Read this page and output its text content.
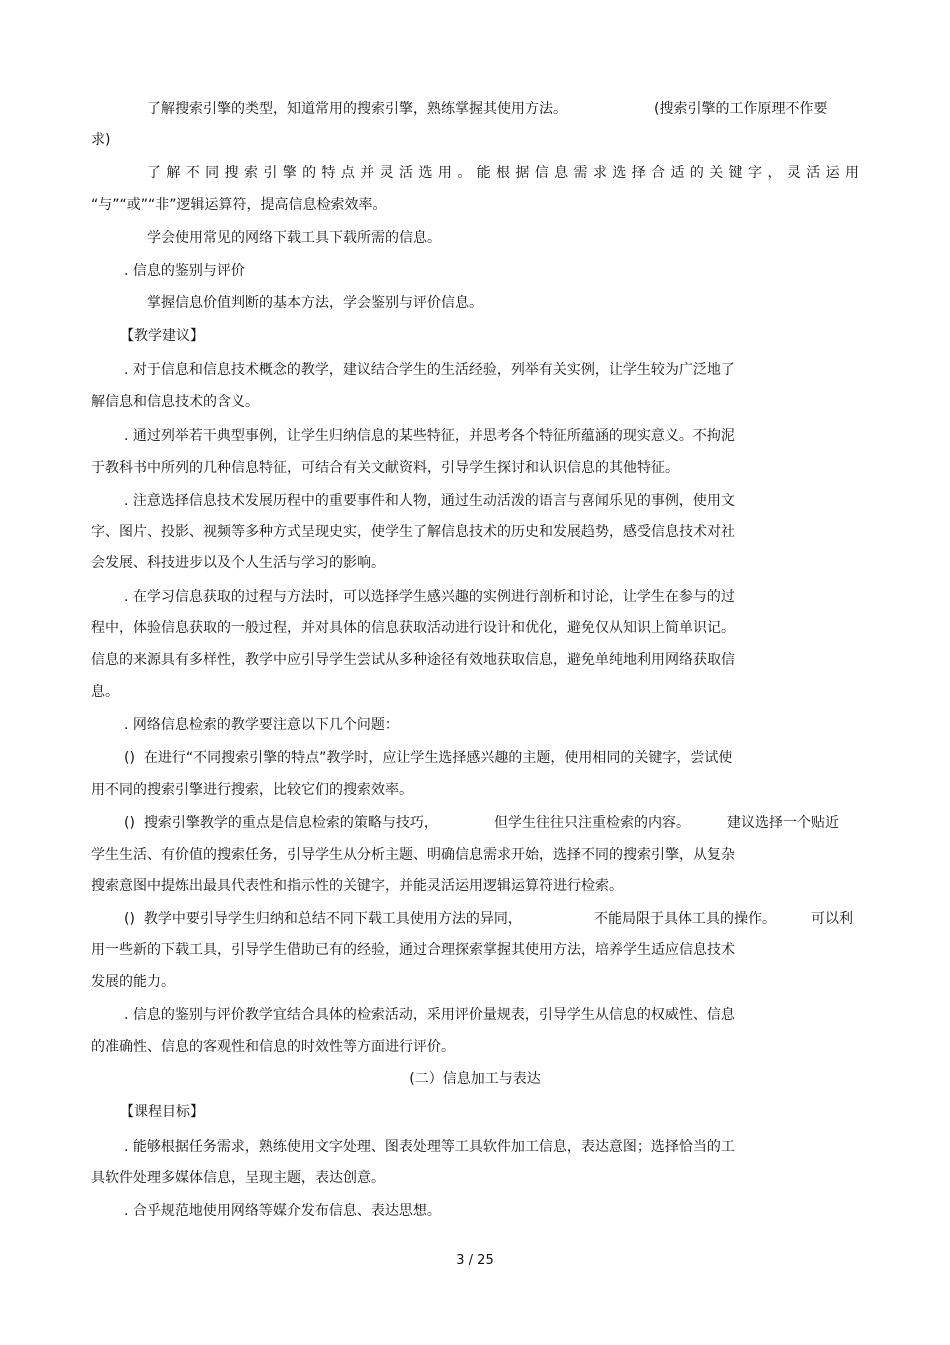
了解搜索引擎的类型，知道常用的搜索引擎，熟练掌握其使用方法。	(搜索引擎的工作原理不作要
求)
了解不同搜索引擎的特点并灵活选用。能根据信息需求选择合适的关键字，灵活运用
“与”“或”“非”逻辑运算符，提高信息检索效率。
学会使用常见的网络下载工具下载所需的信息。
. 信息的鉴别与评价
掌握信息价值判断的基本方法，学会鉴别与评价信息。
【教学建议】
. 对于信息和信息技术概念的教学，建议结合学生的生活经验，列举有关实例，让学生较为广泛地了
解信息和信息技术的含义。
. 通过列举若干典型事例，让学生归纳信息的某些特征，并思考各个特征所蕴涵的现实意义。不拘泥
于教科书中所列的几种信息特征，可结合有关文献资料，引导学生探讨和认识信息的其他特征。
. 注意选择信息技术发展历程中的重要事件和人物，通过生动活泼的语言与喜闻乐见的事例，使用文
字、图片、投影、视频等多种方式呈现史实，使学生了解信息技术的历史和发展趋势，感受信息技术对社
会发展、科技进步以及个人生活与学习的影响。
. 在学习信息获取的过程与方法时，可以选择学生感兴趣的实例进行剖析和讨论，让学生在参与的过
程中，体验信息获取的一般过程，并对具体的信息获取活动进行设计和优化，避免仅从知识上简单识记。
信息的来源具有多样性，教学中应引导学生尝试从多种途径有效地获取信息，避免单纯地利用网络获取信
息。
. 网络信息检索的教学要注意以下几个问题：
()  在进行“不同搜索引擎的特点”教学时，应让学生选择感兴趣的主题，使用相同的关键字，尝试使
用不同的搜索引擎进行搜索，比较它们的搜索效率。
()  搜索引擎教学的重点是信息检索的策略与技巧，	但学生往往只注重检索的内容。	建议选择一个贴近
学生生活、有价值的搜索任务，引导学生从分析主题、明确信息需求开始，选择不同的搜索引擎，从复杂
搜索意图中提炼出最具代表性和指示性的关键字，并能灵活运用逻辑运算符进行检索。
()  教学中要引导学生归纳和总结不同下载工具使用方法的异同，	不能局限于具体工具的操作。	可以利
用一些新的下载工具，引导学生借助已有的经验，通过合理探索掌握其使用方法，培养学生适应信息技术
发展的能力。
. 信息的鉴别与评价教学宜结合具体的检索活动，采用评价量规表，引导学生从信息的权威性、信息
的准确性、信息的客观性和信息的时效性等方面进行评价。
(二）信息加工与表达
【课程目标】
. 能够根据任务需求，熟练使用文字处理、图表处理等工具软件加工信息，表达意图；选择恰当的工
具软件处理多媒体信息，呈现主题，表达创意。
. 合乎规范地使用网络等媒介发布信息、表达思想。
3 / 25
